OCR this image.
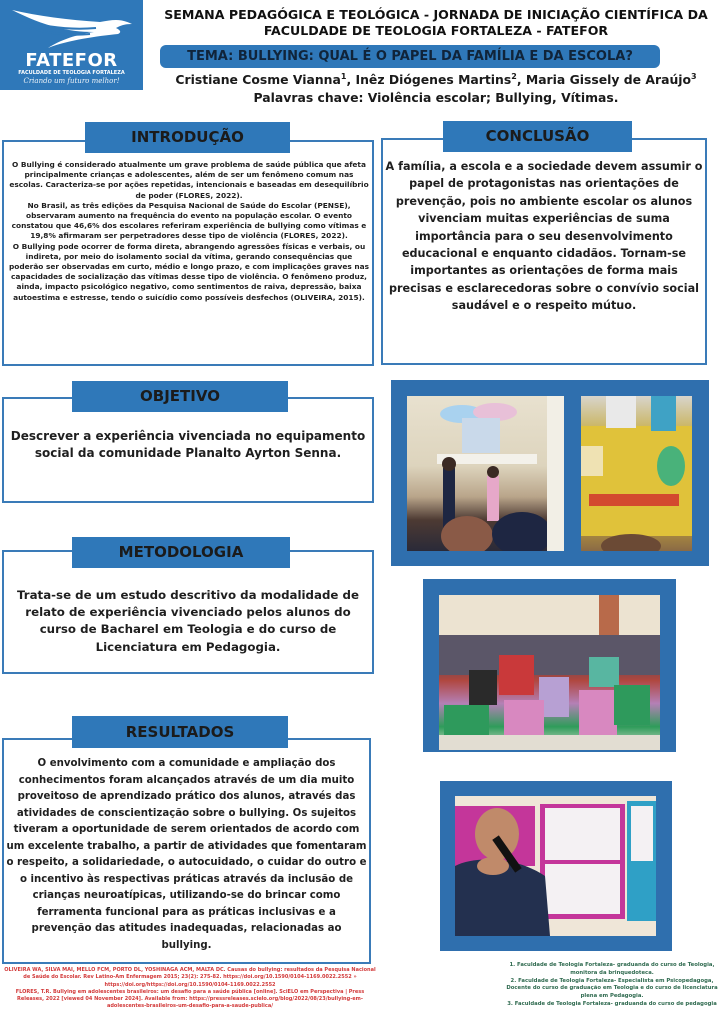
FATEFOR
FACULDADE DE TEOLOGIA FORTALEZA
Criando um futuro melhor!
SEMANA PEDAGÓGICA E TEOLÓGICA - JORNADA DE INICIAÇÃO CIENTÍFICA DA
FACULDADE DE TEOLOGIA FORTALEZA - FATEFOR
TEMA: BULLYING: QUAL É O PAPEL DA FAMÍLIA E DA ESCOLA?
Cristiane Cosme Vianna$^1$, Inêz Diógenes Martins$^2$, Maria Gissely de Araújo$^3$
Palavras chave: Violência escolar; Bullying, Vítimas.
INTRODUÇÃO
O Bullying é considerado atualmente um grave problema de saúde pública que afeta principalmente crianças e adolescentes, além de ser um fenômeno comum nas escolas. Caracteriza-se por ações repetidas, intencionais e baseadas em desequilíbrio de poder (FLORES, 2022).
No Brasil, as três edições da Pesquisa Nacional de Saúde do Escolar (PENSE), observaram aumento na frequência do evento na população escolar. O evento constatou que 46,6% dos escolares referiram experiência de bullying como vítimas e 19,8% afirmaram ser perpetradores desse tipo de violência (FLORES, 2022).
O Bullying pode ocorrer de forma direta, abrangendo agressões físicas e verbais, ou indireta, por meio do isolamento social da vítima, gerando consequências que poderão ser observadas em curto, médio e longo prazo, e com implicações graves nas capacidades de socialização das vítimas desse tipo de violência. O fenômeno produz, ainda, impacto psicológico negativo, como sentimentos de raiva, depressão, baixa autoestima e estresse, tendo o suicídio como possíveis desfechos (OLIVEIRA, 2015).
CONCLUSÃO
A família, a escola e a sociedade devem assumir o papel de protagonistas nas orientações de prevenção, pois no ambiente escolar os alunos vivenciam muitas experiências de suma importância para o seu desenvolvimento educacional e enquanto cidadãos. Tornam-se importantes as orientações de forma mais precisas e esclarecedoras sobre o convívio social saudável e o respeito mútuo.
OBJETIVO
Descrever a experiência vivenciada no equipamento social da comunidade Planalto Ayrton Senna.
METODOLOGIA
Trata-se de um estudo descritivo da modalidade de relato de experiência vivenciado pelos alunos do curso de Bacharel em Teologia e do curso de Licenciatura em Pedagogia.
RESULTADOS
O envolvimento com a comunidade e ampliação dos conhecimentos foram alcançados através de um dia muito proveitoso de aprendizado prático dos alunos, através das atividades de conscientização sobre o bullying. Os sujeitos tiveram a oportunidade de serem orientados de acordo com um excelente trabalho, a partir de atividades que fomentaram o respeito, a solidariedade, o autocuidado, o cuidar do outro e o incentivo às respectivas práticas através da inclusão de crianças neuroatípicas, utilizando-se do brincar como ferramenta funcional para as práticas inclusivas e a prevenção das atitudes inadequadas, relacionadas ao bullying.
OLIVEIRA WA, SILVA MAI, MELLO FCM, PORTO DL, YOSHINAGA ACM, MALTA DC. Causas do bullying: resultados da Pesquisa Nacional de Saúde do Escolar. Rev Latino-Am Enfermagem 2015; 23(2): 275-82. https://doi.org/10.1590/0104-1169.0022.2552 » https://doi.org/https://doi.org/10.1590/0104-1169.0022.2552
FLORES, T.R. Bullying em adolescentes brasileiros: um desafio para a saúde pública [online]. SciELO em Perspectiva | Press Releases, 2022 [viewed 04 November 2024]. Available from: https://pressreleases.scielo.org/blog/2022/08/23/bullying-em-adolescentes-brasileiros-um-desafio-para-a-saude-publica/
1. Faculdade de Teologia Fortaleza- graduanda do curso de Teologia, monitora da brinquedoteca.
2. Faculdade de Teologia Fortaleza- Especialista em Psicopedagoga, Docente do curso de graduação em Teologia e do curso de licenciatura plena em Pedagogia.
3. Faculdade de Teologia Fortaleza- graduanda do curso de pedagogia
